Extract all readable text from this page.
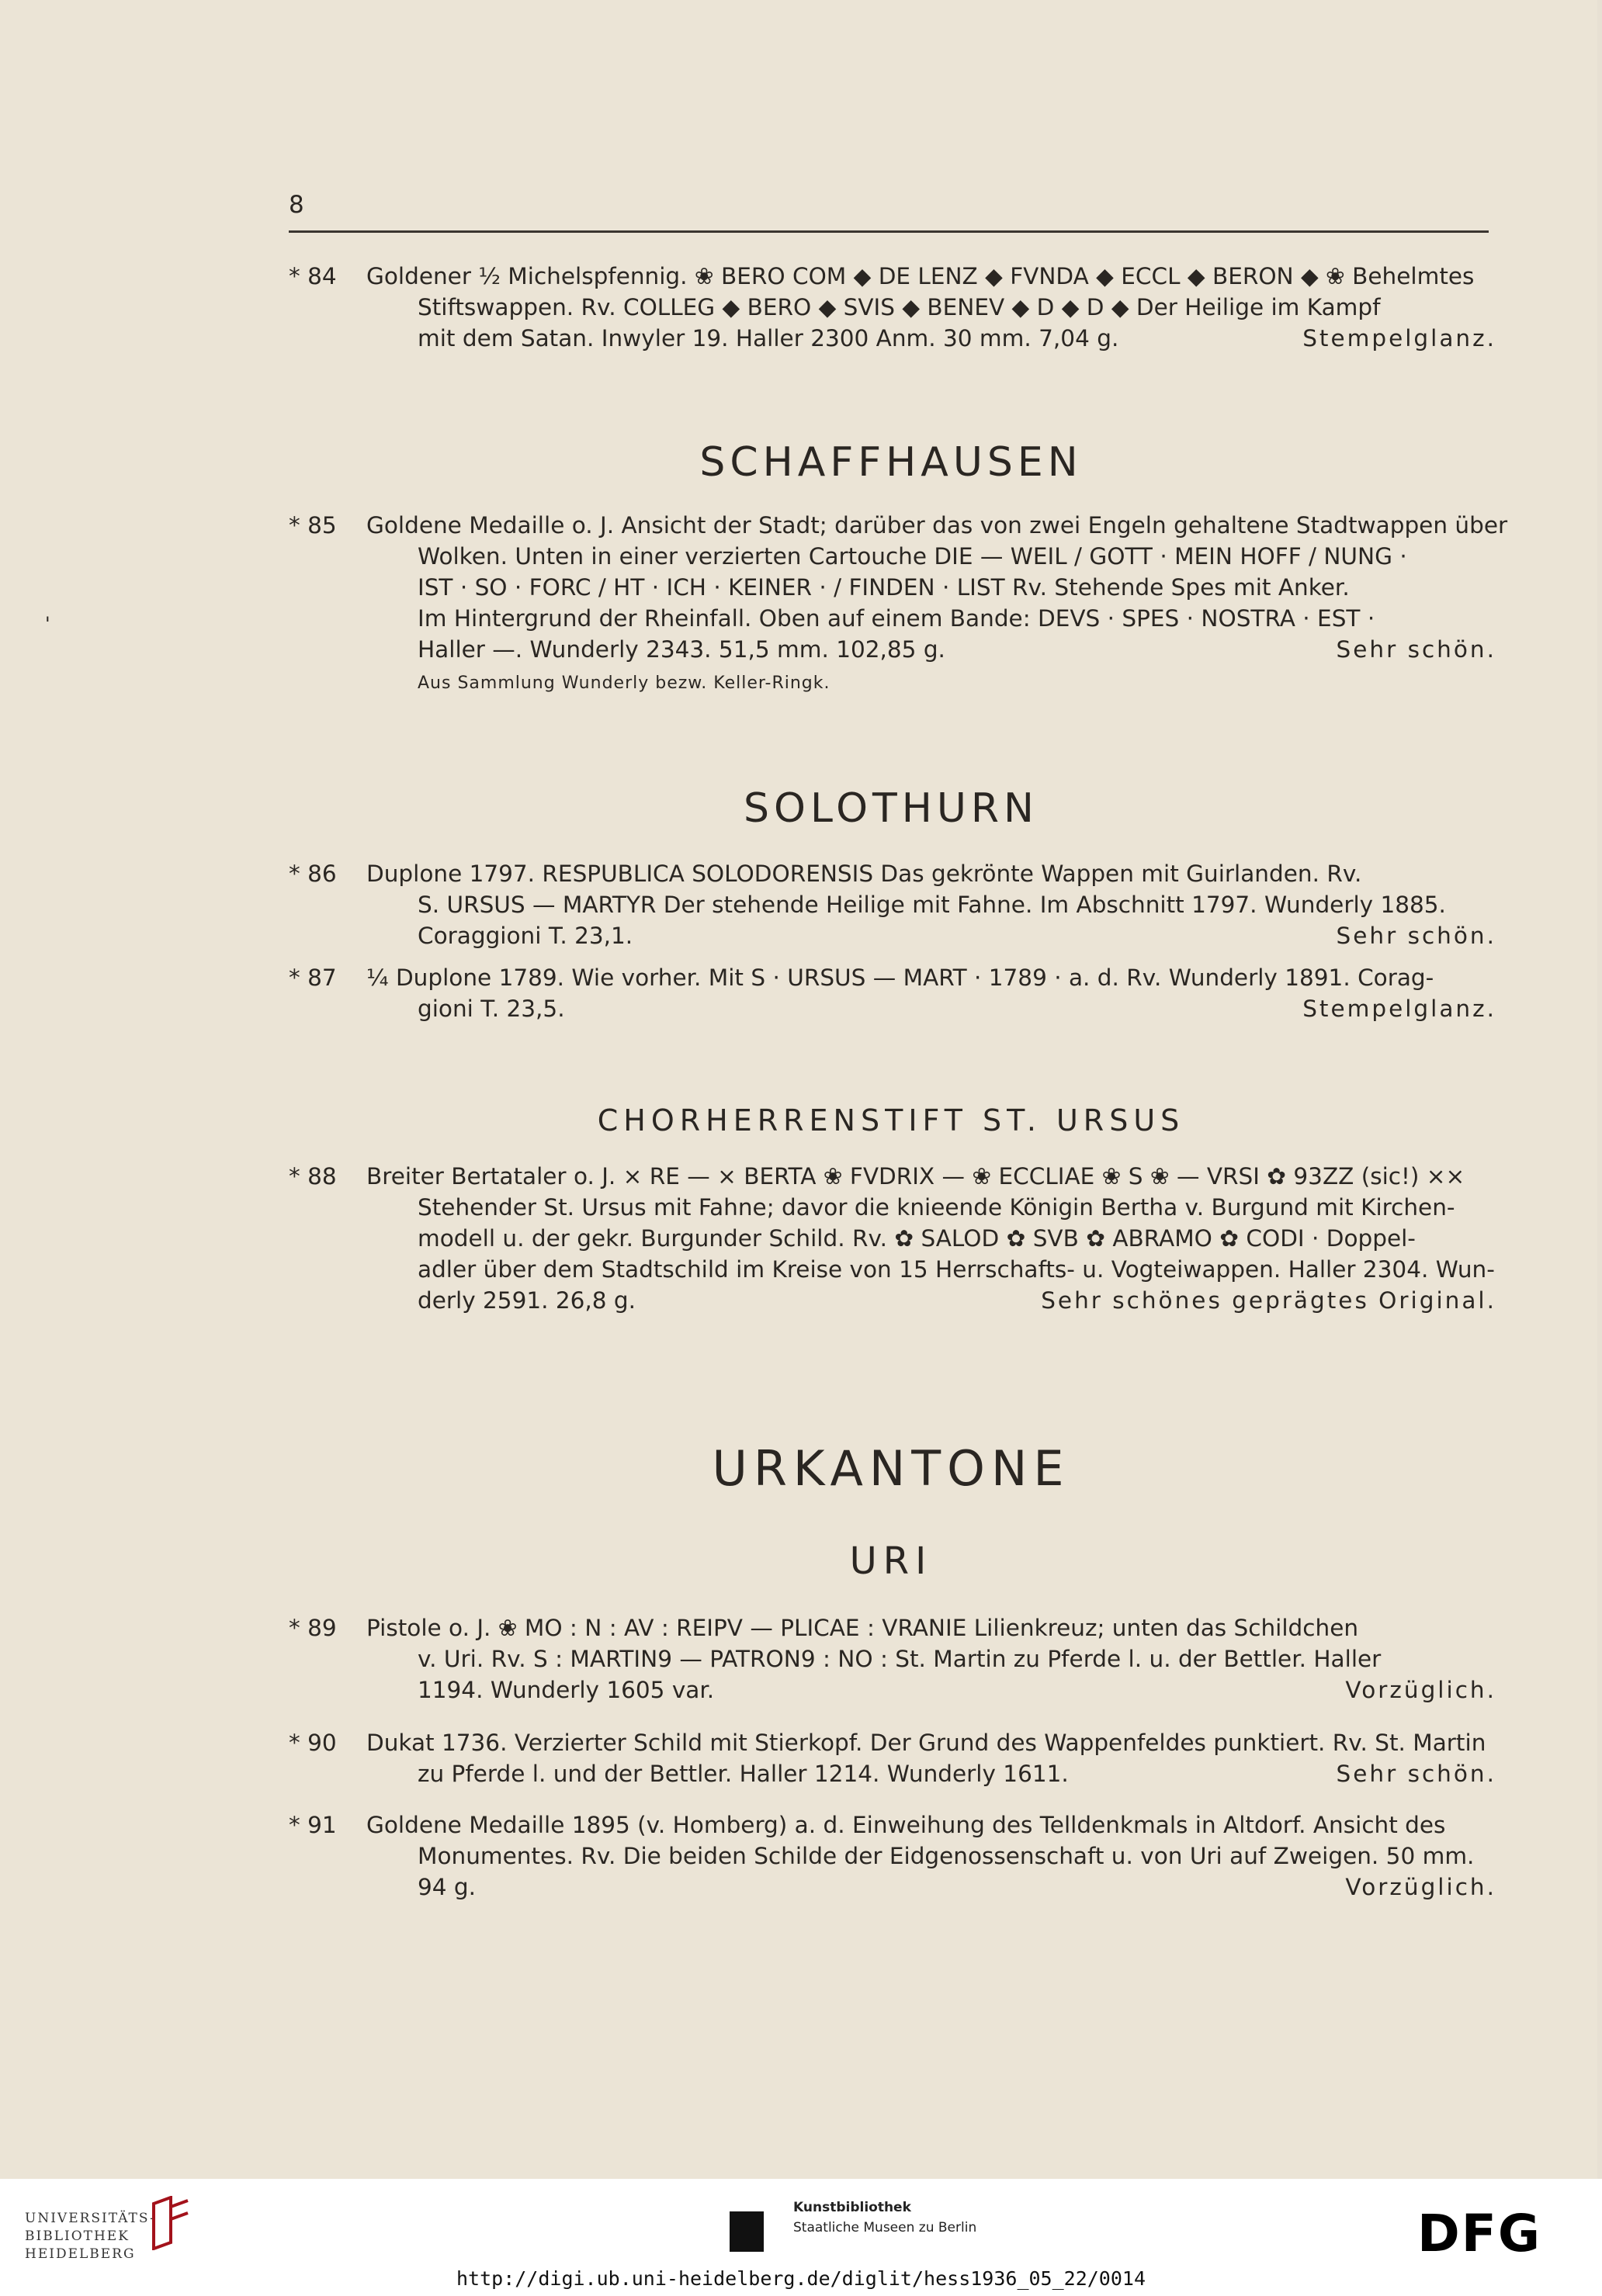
8
'
* 84	Goldener ½ Michelspfennig. ❀ BERO COM ◆ DE LENZ ◆ FVNDA ◆ ECCL ◆ BERON ◆ ❀ Behelmtes
Stiftswappen. Rv. COLLEG ◆ BERO ◆ SVIS ◆ BENEV ◆ D ◆ D ◆ Der Heilige im Kampf
mit dem Satan. Inwyler 19. Haller 2300 Anm. 30 mm. 7,04 g.	Stempelglanz.
SCHAFFHAUSEN
* 85	Goldene Medaille o. J. Ansicht der Stadt; darüber das von zwei Engeln gehaltene Stadtwappen über
Wolken. Unten in einer verzierten Cartouche DIE — WEIL / GOTT · MEIN HOFF / NUNG ·
IST · SO · FORC / HT · ICH · KEINER · / FINDEN · LIST Rv. Stehende Spes mit Anker.
Im Hintergrund der Rheinfall. Oben auf einem Bande: DEVS · SPES · NOSTRA · EST ·
Haller —. Wunderly 2343. 51,5 mm. 102,85 g.	Sehr schön.
Aus Sammlung Wunderly bezw. Keller-Ringk.
SOLOTHURN
* 86	Duplone 1797. RESPUBLICA SOLODORENSIS Das gekrönte Wappen mit Guirlanden. Rv.
S. URSUS — MARTYR Der stehende Heilige mit Fahne. Im Abschnitt 1797. Wunderly 1885.
Coraggioni T. 23,1.	Sehr schön.
* 87	¼ Duplone 1789. Wie vorher. Mit S · URSUS — MART · 1789 · a. d. Rv. Wunderly 1891. Corag-
gioni T. 23,5.	Stempelglanz.
CHORHERRENSTIFT ST. URSUS
* 88	Breiter Bertataler o. J. × RE — × BERTA ❀ FVDRIX — ❀ ECCLIAE ❀ S ❀ — VRSI ✿ 93ZZ (sic!) ××
Stehender St. Ursus mit Fahne; davor die knieende Königin Bertha v. Burgund mit Kirchen-
modell u. der gekr. Burgunder Schild. Rv. ✿ SALOD ✿ SVB ✿ ABRAMO ✿ CODI · Doppel-
adler über dem Stadtschild im Kreise von 15 Herrschafts- u. Vogteiwappen. Haller 2304. Wun-
derly 2591. 26,8 g.	Sehr schönes geprägtes Original.
URKANTONE
URI
* 89	Pistole o. J. ❀ MO : N : AV : REIPV — PLICAE : VRANIE Lilienkreuz; unten das Schildchen
v. Uri. Rv. S : MARTIN9 — PATRON9 : NO : St. Martin zu Pferde l. u. der Bettler. Haller
1194. Wunderly 1605 var.	Vorzüglich.
* 90	Dukat 1736. Verzierter Schild mit Stierkopf. Der Grund des Wappenfeldes punktiert. Rv. St. Martin
zu Pferde l. und der Bettler. Haller 1214. Wunderly 1611.	Sehr schön.
* 91	Goldene Medaille 1895 (v. Homberg) a. d. Einweihung des Telldenkmals in Altdorf. Ansicht des
Monumentes. Rv. Die beiden Schilde der Eidgenossenschaft u. von Uri auf Zweigen. 50 mm.
94 g.	Vorzüglich.
UNIVERSITÄTS-
BIBLIOTHEK
HEIDELBERG
Kunstbibliothek
Staatliche Museen zu Berlin	DFG
http://digi.ub.uni-heidelberg.de/diglit/hess1936_05_22/0014
